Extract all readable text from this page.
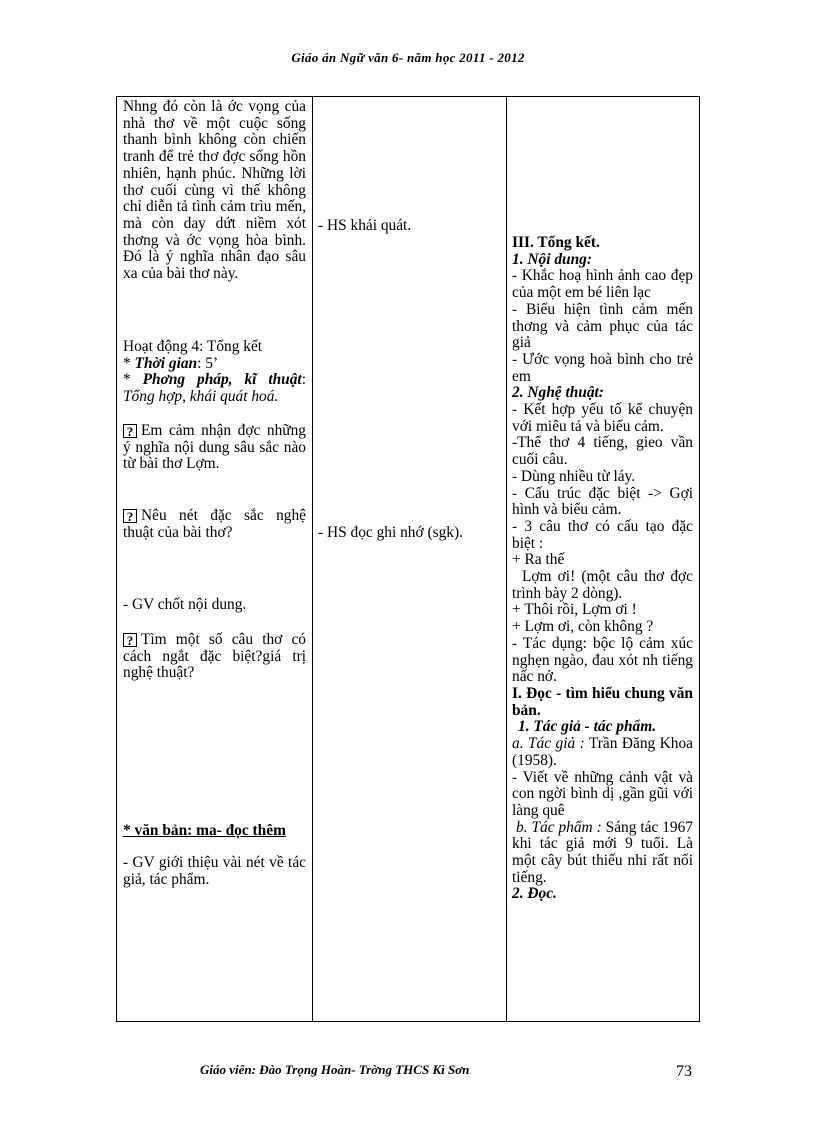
Giáo án Ngữ văn 6- năm học 2011 - 2012

Nhng đó còn là ớc vọng của nhà thơ về một cuộc sống thanh bình không còn chiến tranh để trẻ thơ đợc sống hồn nhiên, hạnh phúc. Những lời thơ cuối cùng vì thế không chỉ diễn tả tình cảm trìu mến, mà còn day dứt niềm xót thơng và ớc vọng hòa bình. Đó là ý nghĩa nhân đạo sâu xa của bài thơ này.

Hoạt động 4: Tổng kết

* Thời gian: 5’

* Phơng pháp, kĩ thuật: Tổng hợp, khái quát hoá.

? Em cảm nhận đợc những ý nghĩa nội dung sâu sắc nào từ bài thơ Lợm.

? Nêu nét đặc sắc nghệ thuật của bài thơ?

- GV chốt nội dung.

? Tìm một số câu thơ có cách ngắt đặc biệt?giá trị nghệ thuật?

* văn bản: ma- đọc thêm

- GV giới thiệu vài nét về tác giả, tác phẩm.

- HS khái quát.

- HS đọc ghi nhớ (sgk).

III. Tổng kết.

1. Nội dung:

- Khắc hoạ hình ảnh cao đẹp của một em bé liên lạc

- Biểu hiện tình cảm mến thơng và cảm phục của tác giả

- Ước vọng hoà bình cho trẻ em

2. Nghệ thuật:

- Kết hợp yếu tố kể chuyện với miêu tả và biểu cảm.

-Thể thơ 4 tiếng, gieo vần cuối câu.

- Dùng nhiều từ láy.

- Cấu trúc đặc biệt -> Gợi hình và biểu cảm.

- 3 câu thơ có cấu tạo đặc biệt :

+ Ra thế

Lợm ơi! (một câu thơ đợc trình bày 2 dòng).

+ Thôi rồi, Lợm ơi !

+ Lợm ơi, còn không ?

- Tác dụng: bộc lộ cảm xúc nghẹn ngào, đau xót nh tiếng nấc nở.

I. Đọc - tìm hiểu chung văn bản.

1. Tác giả - tác phẩm.

a. Tác giả : Trần Đăng Khoa (1958).

- Viết về những cảnh vật và con ngời bình dị ,gần gũi với làng quê

b. Tác phẩm : Sáng tác 1967 khi tác giả mới 9 tuổi. Là một cây bút thiếu nhi rất nổi tiếng.

2. Đọc.

Giáo viên: Đào Trọng Hoàn- Trờng THCS Kì Sơn	73
